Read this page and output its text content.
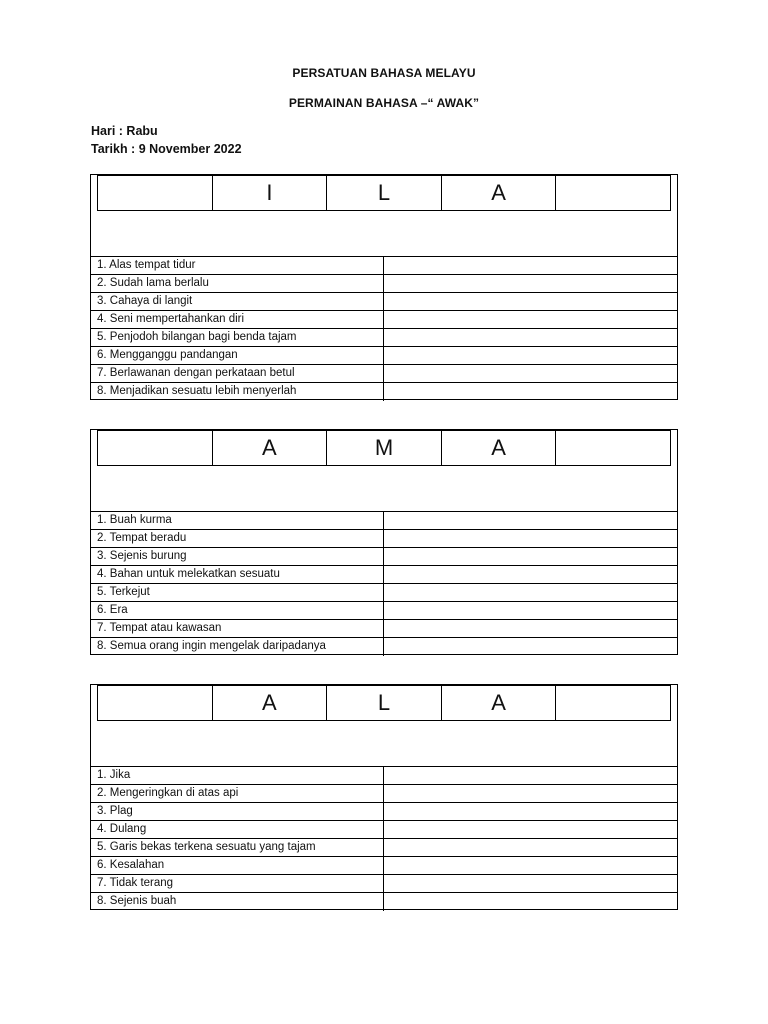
PERSATUAN BAHASA MELAYU
PERMAINAN BAHASA –“ AWAK”
Hari : Rabu
Tarikh : 9 November 2022
I	L	A
1. Alas tempat tidur
2. Sudah lama berlalu
3. Cahaya di langit
4. Seni mempertahankan diri
5. Penjodoh bilangan bagi benda tajam
6. Mengganggu pandangan
7. Berlawanan dengan perkataan betul
8. Menjadikan sesuatu lebih menyerlah
A	M	A
1. Buah kurma
2. Tempat beradu
3. Sejenis burung
4. Bahan untuk melekatkan sesuatu
5. Terkejut
6. Era
7. Tempat atau kawasan
8. Semua orang ingin mengelak daripadanya
A	L	A
1. Jika
2. Mengeringkan di atas api
3. Plag
4. Dulang
5. Garis bekas terkena sesuatu yang tajam
6. Kesalahan
7. Tidak terang
8. Sejenis buah
